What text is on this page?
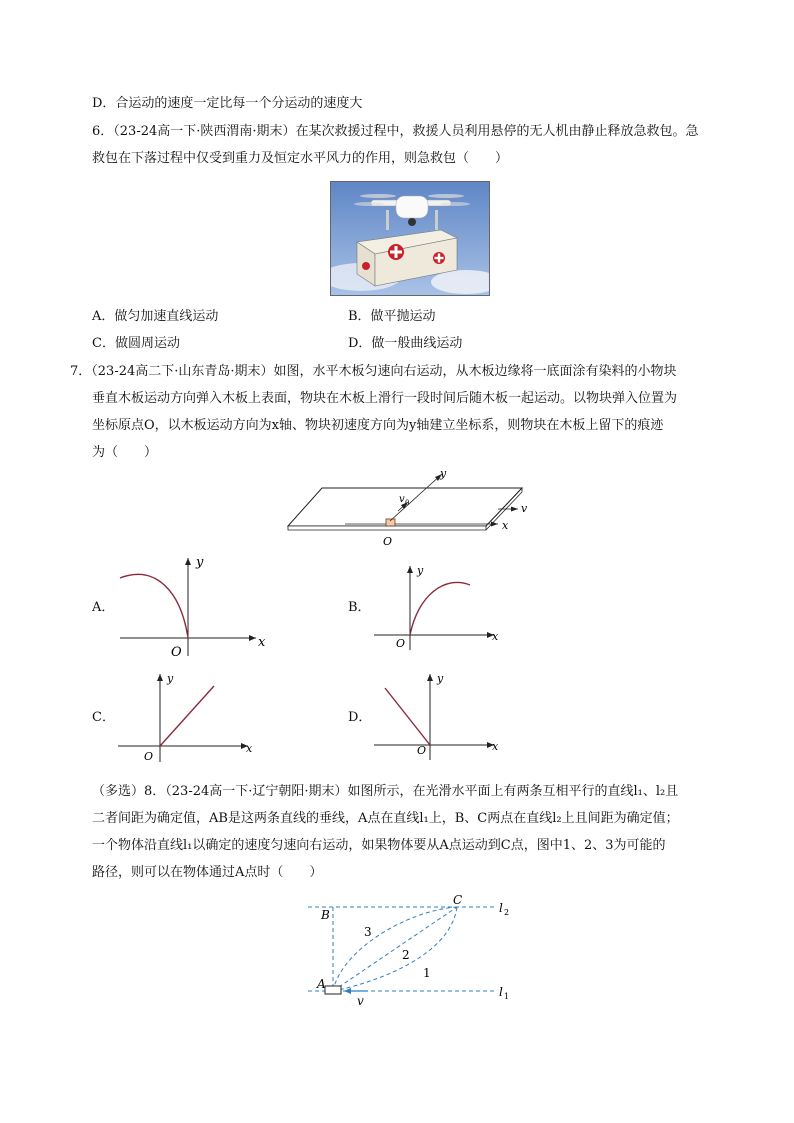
D．合运动的速度一定比每一个分运动的速度大
6．（23-24高一下·陕西渭南·期末）在某次救援过程中，救援人员利用悬停的无人机由静止释放急救包。急
救包在下落过程中仅受到重力及恒定水平风力的作用，则急救包（　　）
A．做匀加速直线运动	B．做平抛运动
C．做圆周运动	D．做一般曲线运动
7．（23-24高二下·山东青岛·期末）如图，水平木板匀速向右运动，从木板边缘将一底面涂有染料的小物块
垂直木板运动方向弹入木板上表面，物块在木板上滑行一段时间后随木板一起运动。以物块弹入位置为
坐标原点O，以木板运动方向为x轴、物块初速度方向为y轴建立坐标系，则物块在木板上留下的痕迹
为（　　）
y
v 0	v
x
O
A．	B．
C．	D．
y
x
O
y
x
O
y
x
O
y
x
O
（多选）8．（23-24高一下·辽宁朝阳·期末）如图所示，在光滑水平面上有两条互相平行的直线l₁、l₂且
二者间距为确定值，AB是这两条直线的垂线，A点在直线l₁上，B、C两点在直线l₂上且间距为确定值；
一个物体沿直线l₁以确定的速度匀速向右运动，如果物体要从A点运动到C点，图中1、2、3为可能的
路径，则可以在物体通过A点时（　　）
B
C
A
v
l 2
l 1
3
2
1
